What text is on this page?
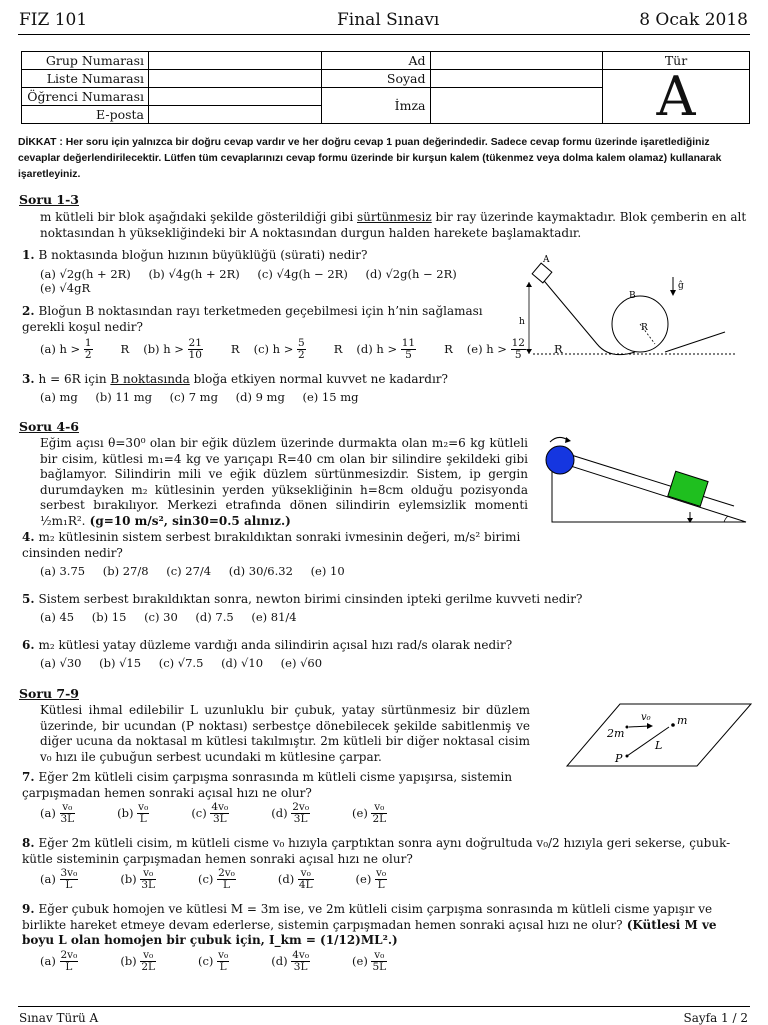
FIZ 101	Final Sınavı	8 Ocak 2018
Grup Numarası		Ad		Tür
Liste Numarası		Soyad		A
Öğrenci Numarası		İmza		
E-posta				
DİKKAT : Her soru için yalnızca bir doğru cevap vardır ve her doğru cevap 1 puan değerindedir. Sadece cevap formu üzerinde işaretlediğiniz cevaplar değerlendirilecektir. Lütfen tüm cevaplarınızı cevap formu üzerinde bir kurşun kalem (tükenmez veya dolma kalem olamaz) kullanarak işaretleyiniz.
Soru 1-3
m kütleli bir blok aşağıdaki şekilde gösterildiği gibi sürtünmesiz bir ray üzerinde kaymaktadır. Blok çemberin en alt noktasından h yüksekliğindeki bir A noktasından durgun halden harekete başlamaktadır.
1. B noktasında bloğun hızının büyüklüğü (sürati) nedir?
(a) √2g(h + 2R) (b) √4g(h + 2R) (c) √4g(h − 2R) (d) √2g(h − 2R) (e) √4gR
2. Bloğun B noktasından rayı terketmeden geçebilmesi için h’nin sağlaması gerekli koşul nedir?
(a) $h > \frac{1}{2}$ R (b) $h > \frac{21}{10}$ R (c) $h > \frac{5}{2}$ R (d) $h > \frac{11}{5}$ R (e) $h > \frac{12}{5}$ R
3. h = 6R için B noktasında bloğa etkiyen normal kuvvet ne kadardır?
(a) mg (b) 11 mg (c) 7 mg (d) 9 mg (e) 15 mg
A
B
R
h
ĝ
Soru 4-6
Eğim açısı θ=30⁰ olan bir eğik düzlem üzerinde durmakta olan m₂=6 kg kütleli bir cisim, kütlesi m₁=4 kg ve yarıçapı R=40 cm olan bir silindire şekildeki gibi bağlamyor. Silindirin mili ve eğik düzlem sürtünmesizdir. Sistem, ip gergin durumdayken m₂ kütlesinin yerden yüksekliğinin h=8cm olduğu pozisyonda serbest bırakılıyor. Merkezi etrafında dönen silindirin eylemsizlik momenti ½m₁R². (g=10 m/s², sin30=0.5 alınız.)
4. m₂ kütlesinin sistem serbest bırakıldıktan sonraki ivmesinin değeri, m/s² birimi cinsinden nedir?
(a) 3.75 (b) 27/8 (c) 27/4 (d) 30/6.32 (e) 10
5. Sistem serbest bırakıldıktan sonra, newton birimi cinsinden ipteki gerilme kuvveti nedir?
(a) 45 (b) 15 (c) 30 (d) 7.5 (e) 81/4
6. m₂ kütlesi yatay düzleme vardığı anda silindirin açısal hızı rad/s olarak nedir?
(a) √30 (b) √15 (c) √7.5 (d) √10 (e) √60
Soru 7-9
Kütlesi ihmal edilebilir L uzunluklu bir çubuk, yatay sürtünmesiz bir düzlem üzerinde, bir ucundan (P noktası) serbestçe dönebilecek şekilde sabitlenmiş ve diğer ucuna da noktasal m kütlesi takılmıştır. 2m kütleli bir diğer noktasal cisim v₀ hızı ile çubuğun serbest ucundaki m kütlesine çarpar.
v₀ m
2m
L
P
7. Eğer 2m kütleli cisim çarpışma sonrasında m kütleli cisme yapışırsa, sistemin çarpışmadan hemen sonraki açısal hızı ne olur?
$(a) \frac{\text{v₀}}{3L} (b) \frac{\text{v₀}}{L} (c) \frac{\text{4v₀}}{3L} (d) \frac{\text{2v₀}}{3L} (e) \frac{\text{v₀}}{2L}$
8. Eğer 2m kütleli cisim, m kütleli cisme v₀ hızıyla çarptıktan sonra aynı doğrultuda v₀/2 hızıyla geri sekerse, çubuk-kütle sisteminin çarpışmadan hemen sonraki açısal hızı ne olur?
$(a) \frac{\text{3v₀}}{L} (b) \frac{\text{v₀}}{3L} (c) \frac{\text{2v₀}}{L} (d) \frac{\text{v₀}}{4L} (e) \frac{\text{v₀}}{L}$
9. Eğer çubuk homojen ve kütlesi M = 3m ise, ve 2m kütleli cisim çarpışma sonrasında m kütleli cisme yapışır ve birlikte hareket etmeye devam ederlerse, sistemin çarpışmadan hemen sonraki açısal hızı ne olur? (Kütlesi M ve boyu L olan homojen bir çubuk için, I_km = (1/12)ML².)
$(a) \frac{\text{2v₀}}{L} (b) \frac{\text{v₀}}{2L} (c) \frac{\text{v₀}}{L} (d) \frac{\text{4v₀}}{3L} (e) \frac{\text{v₀}}{5L}$
Sınav Türü A	Sayfa 1 / 2
